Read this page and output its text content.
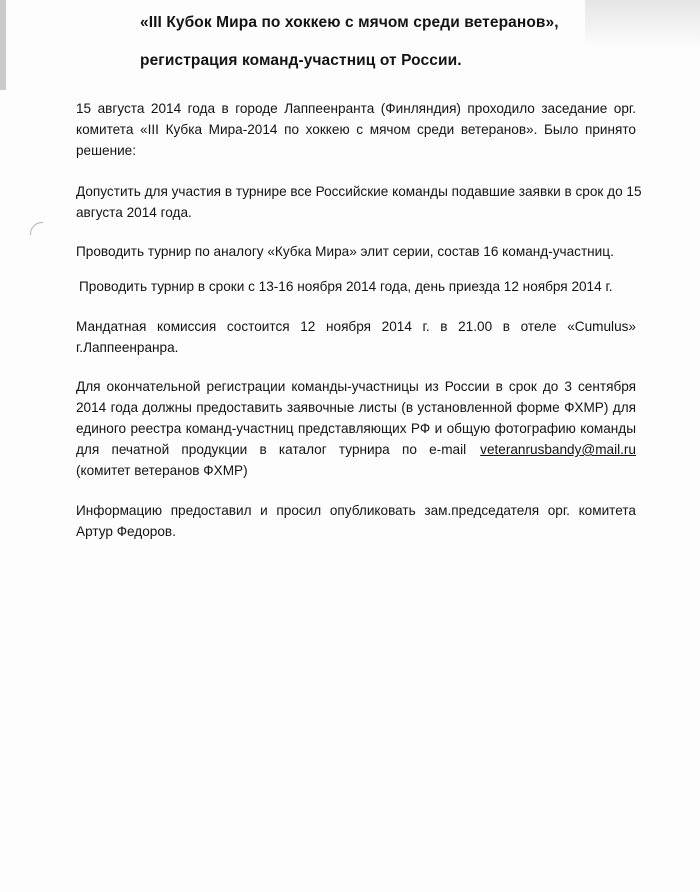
«III Кубок Мира по хоккею с мячом среди ветеранов»,
регистрация команд-участниц от России.
15 августа 2014 года в городе Лаппеенранта (Финляндия) проходило заседание орг.
комитета «III Кубка Мира-2014 по хоккею с мячом среди ветеранов». Было принято
решение:
Допустить для участия в турнире все Российские команды подавшие заявки в срок до 15
августа 2014 года.
Проводить турнир по аналогу «Кубка Мира» элит серии, состав 16 команд-участниц.
Проводить турнир в сроки с 13-16 ноября 2014 года, день приезда 12 ноября 2014 г.
Мандатная комиссия состоится 12 ноября 2014 г. в 21.00 в отеле «Cumulus»
г.Лаппеенранра.
Для окончательной регистрации команды-участницы из России в срок до 3 сентября
2014 года должны предоставить заявочные листы (в установленной форме ФХМР) для
единого реестра команд-участниц представляющих РФ и общую фотографию команды
для печатной продукции в каталог турнира по e-mail	veteranrusbandy@mail.ru
(комитет ветеранов ФХМР)
Информацию предоставил и просил опубликовать зам.председателя орг. комитета
Артур Федоров.
